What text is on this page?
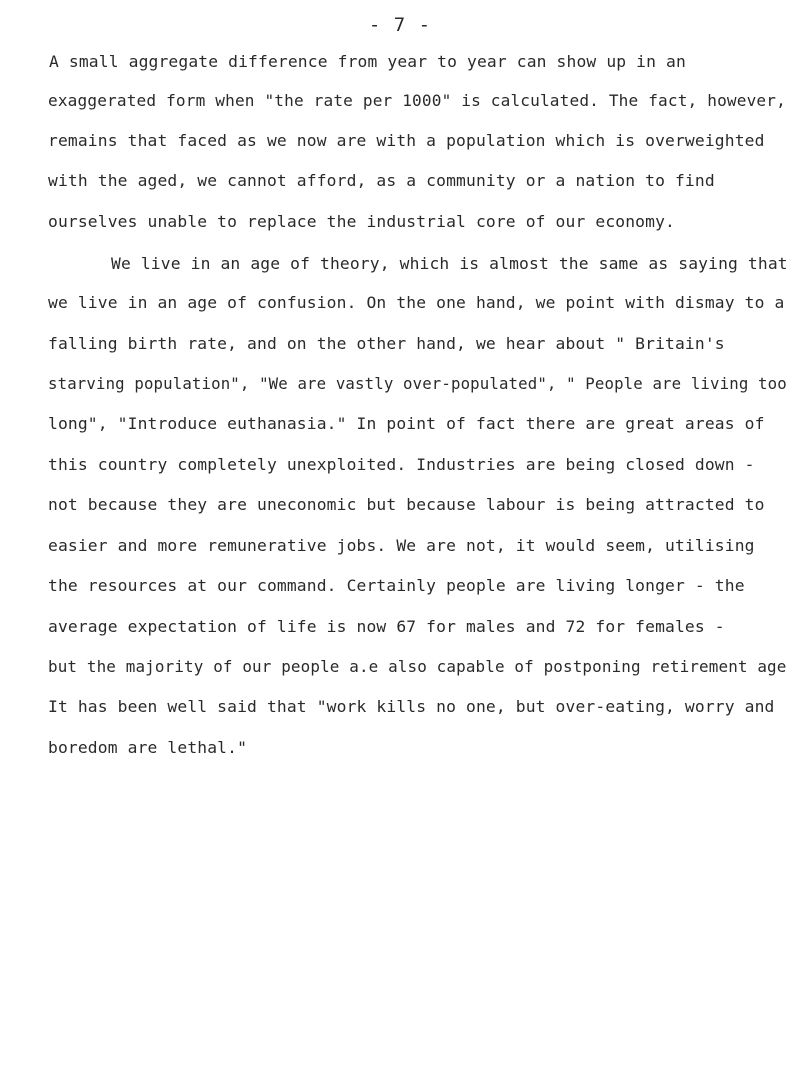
- 7 -
A small aggregate difference from year to year can show up in an
exaggerated form when "the rate per 1000" is calculated. The fact, however,
remains that faced as we now are with a population which is overweighted
with the aged, we cannot afford, as a community or a nation to find
ourselves unable to replace the industrial core of our economy.
We live in an age of theory, which is almost the same as saying that
we live in an age of confusion. On the one hand, we point with dismay to a
falling birth rate, and on the other hand, we hear about " Britain's
starving population", "We are vastly over-populated", " People are living too
long", "Introduce euthanasia." In point of fact there are great areas of
this country completely unexploited. Industries are being closed down -
not because they are uneconomic but because labour is being attracted to
easier and more remunerative jobs. We are not, it would seem, utilising
the resources at our command. Certainly people are living longer - the
average expectation of life is now 67 for males and 72 for females -
but the majority of our people a.e also capable of postponing retirement age
It has been well said that "work kills no one, but over-eating, worry and
boredom are lethal."
